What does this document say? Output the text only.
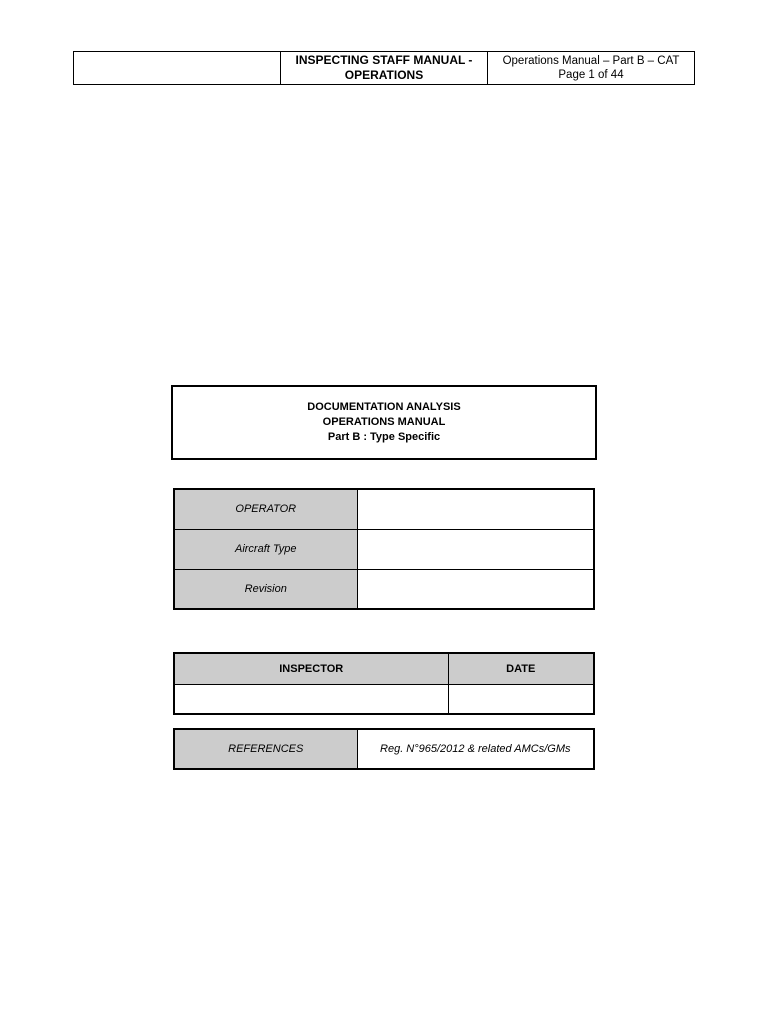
INSPECTING STAFF MANUAL -
OPERATIONS
Operations Manual – Part B – CAT
Page 1 of 44
DOCUMENTATION ANALYSIS
OPERATIONS MANUAL
Part B : Type Specific
OPERATOR	
Aircraft Type	
Revision	
INSPECTOR	DATE

REFERENCES	Reg. N°965/2012 & related AMCs/GMs
